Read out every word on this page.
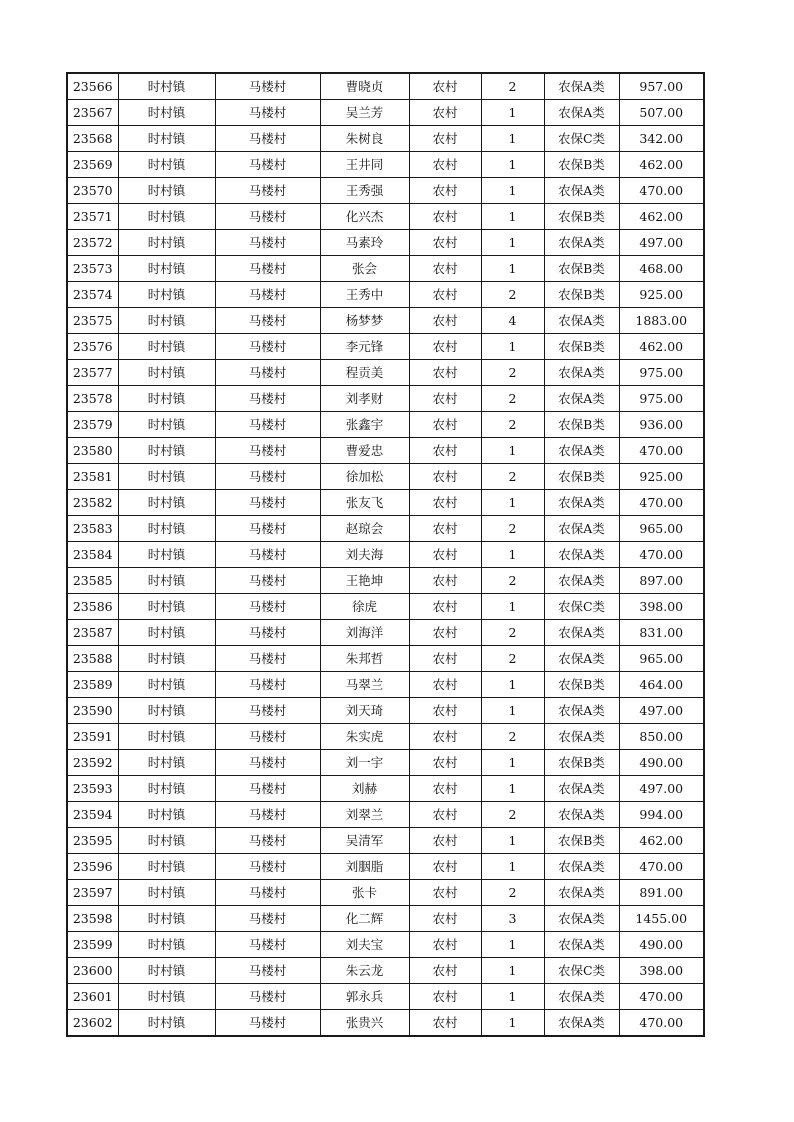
23566	时村镇	马楼村	曹晓贞	农村	2	农保A类	957.00
23567	时村镇	马楼村	吴兰芳	农村	1	农保A类	507.00
23568	时村镇	马楼村	朱树良	农村	1	农保C类	342.00
23569	时村镇	马楼村	王井同	农村	1	农保B类	462.00
23570	时村镇	马楼村	王秀强	农村	1	农保A类	470.00
23571	时村镇	马楼村	化兴杰	农村	1	农保B类	462.00
23572	时村镇	马楼村	马素玲	农村	1	农保A类	497.00
23573	时村镇	马楼村	张会	农村	1	农保B类	468.00
23574	时村镇	马楼村	王秀中	农村	2	农保B类	925.00
23575	时村镇	马楼村	杨梦梦	农村	4	农保A类	1883.00
23576	时村镇	马楼村	李元锋	农村	1	农保B类	462.00
23577	时村镇	马楼村	程贡美	农村	2	农保A类	975.00
23578	时村镇	马楼村	刘孝财	农村	2	农保A类	975.00
23579	时村镇	马楼村	张鑫宇	农村	2	农保B类	936.00
23580	时村镇	马楼村	曹爱忠	农村	1	农保A类	470.00
23581	时村镇	马楼村	徐加松	农村	2	农保B类	925.00
23582	时村镇	马楼村	张友飞	农村	1	农保A类	470.00
23583	时村镇	马楼村	赵琼会	农村	2	农保A类	965.00
23584	时村镇	马楼村	刘夫海	农村	1	农保A类	470.00
23585	时村镇	马楼村	王艳坤	农村	2	农保A类	897.00
23586	时村镇	马楼村	徐虎	农村	1	农保C类	398.00
23587	时村镇	马楼村	刘海洋	农村	2	农保A类	831.00
23588	时村镇	马楼村	朱邦哲	农村	2	农保A类	965.00
23589	时村镇	马楼村	马翠兰	农村	1	农保B类	464.00
23590	时村镇	马楼村	刘天琦	农村	1	农保A类	497.00
23591	时村镇	马楼村	朱实虎	农村	2	农保A类	850.00
23592	时村镇	马楼村	刘一宇	农村	1	农保B类	490.00
23593	时村镇	马楼村	刘赫	农村	1	农保A类	497.00
23594	时村镇	马楼村	刘翠兰	农村	2	农保A类	994.00
23595	时村镇	马楼村	吴清军	农村	1	农保B类	462.00
23596	时村镇	马楼村	刘胭脂	农村	1	农保A类	470.00
23597	时村镇	马楼村	张卡	农村	2	农保A类	891.00
23598	时村镇	马楼村	化二辉	农村	3	农保A类	1455.00
23599	时村镇	马楼村	刘夫宝	农村	1	农保A类	490.00
23600	时村镇	马楼村	朱云龙	农村	1	农保C类	398.00
23601	时村镇	马楼村	郭永兵	农村	1	农保A类	470.00
23602	时村镇	马楼村	张贵兴	农村	1	农保A类	470.00
